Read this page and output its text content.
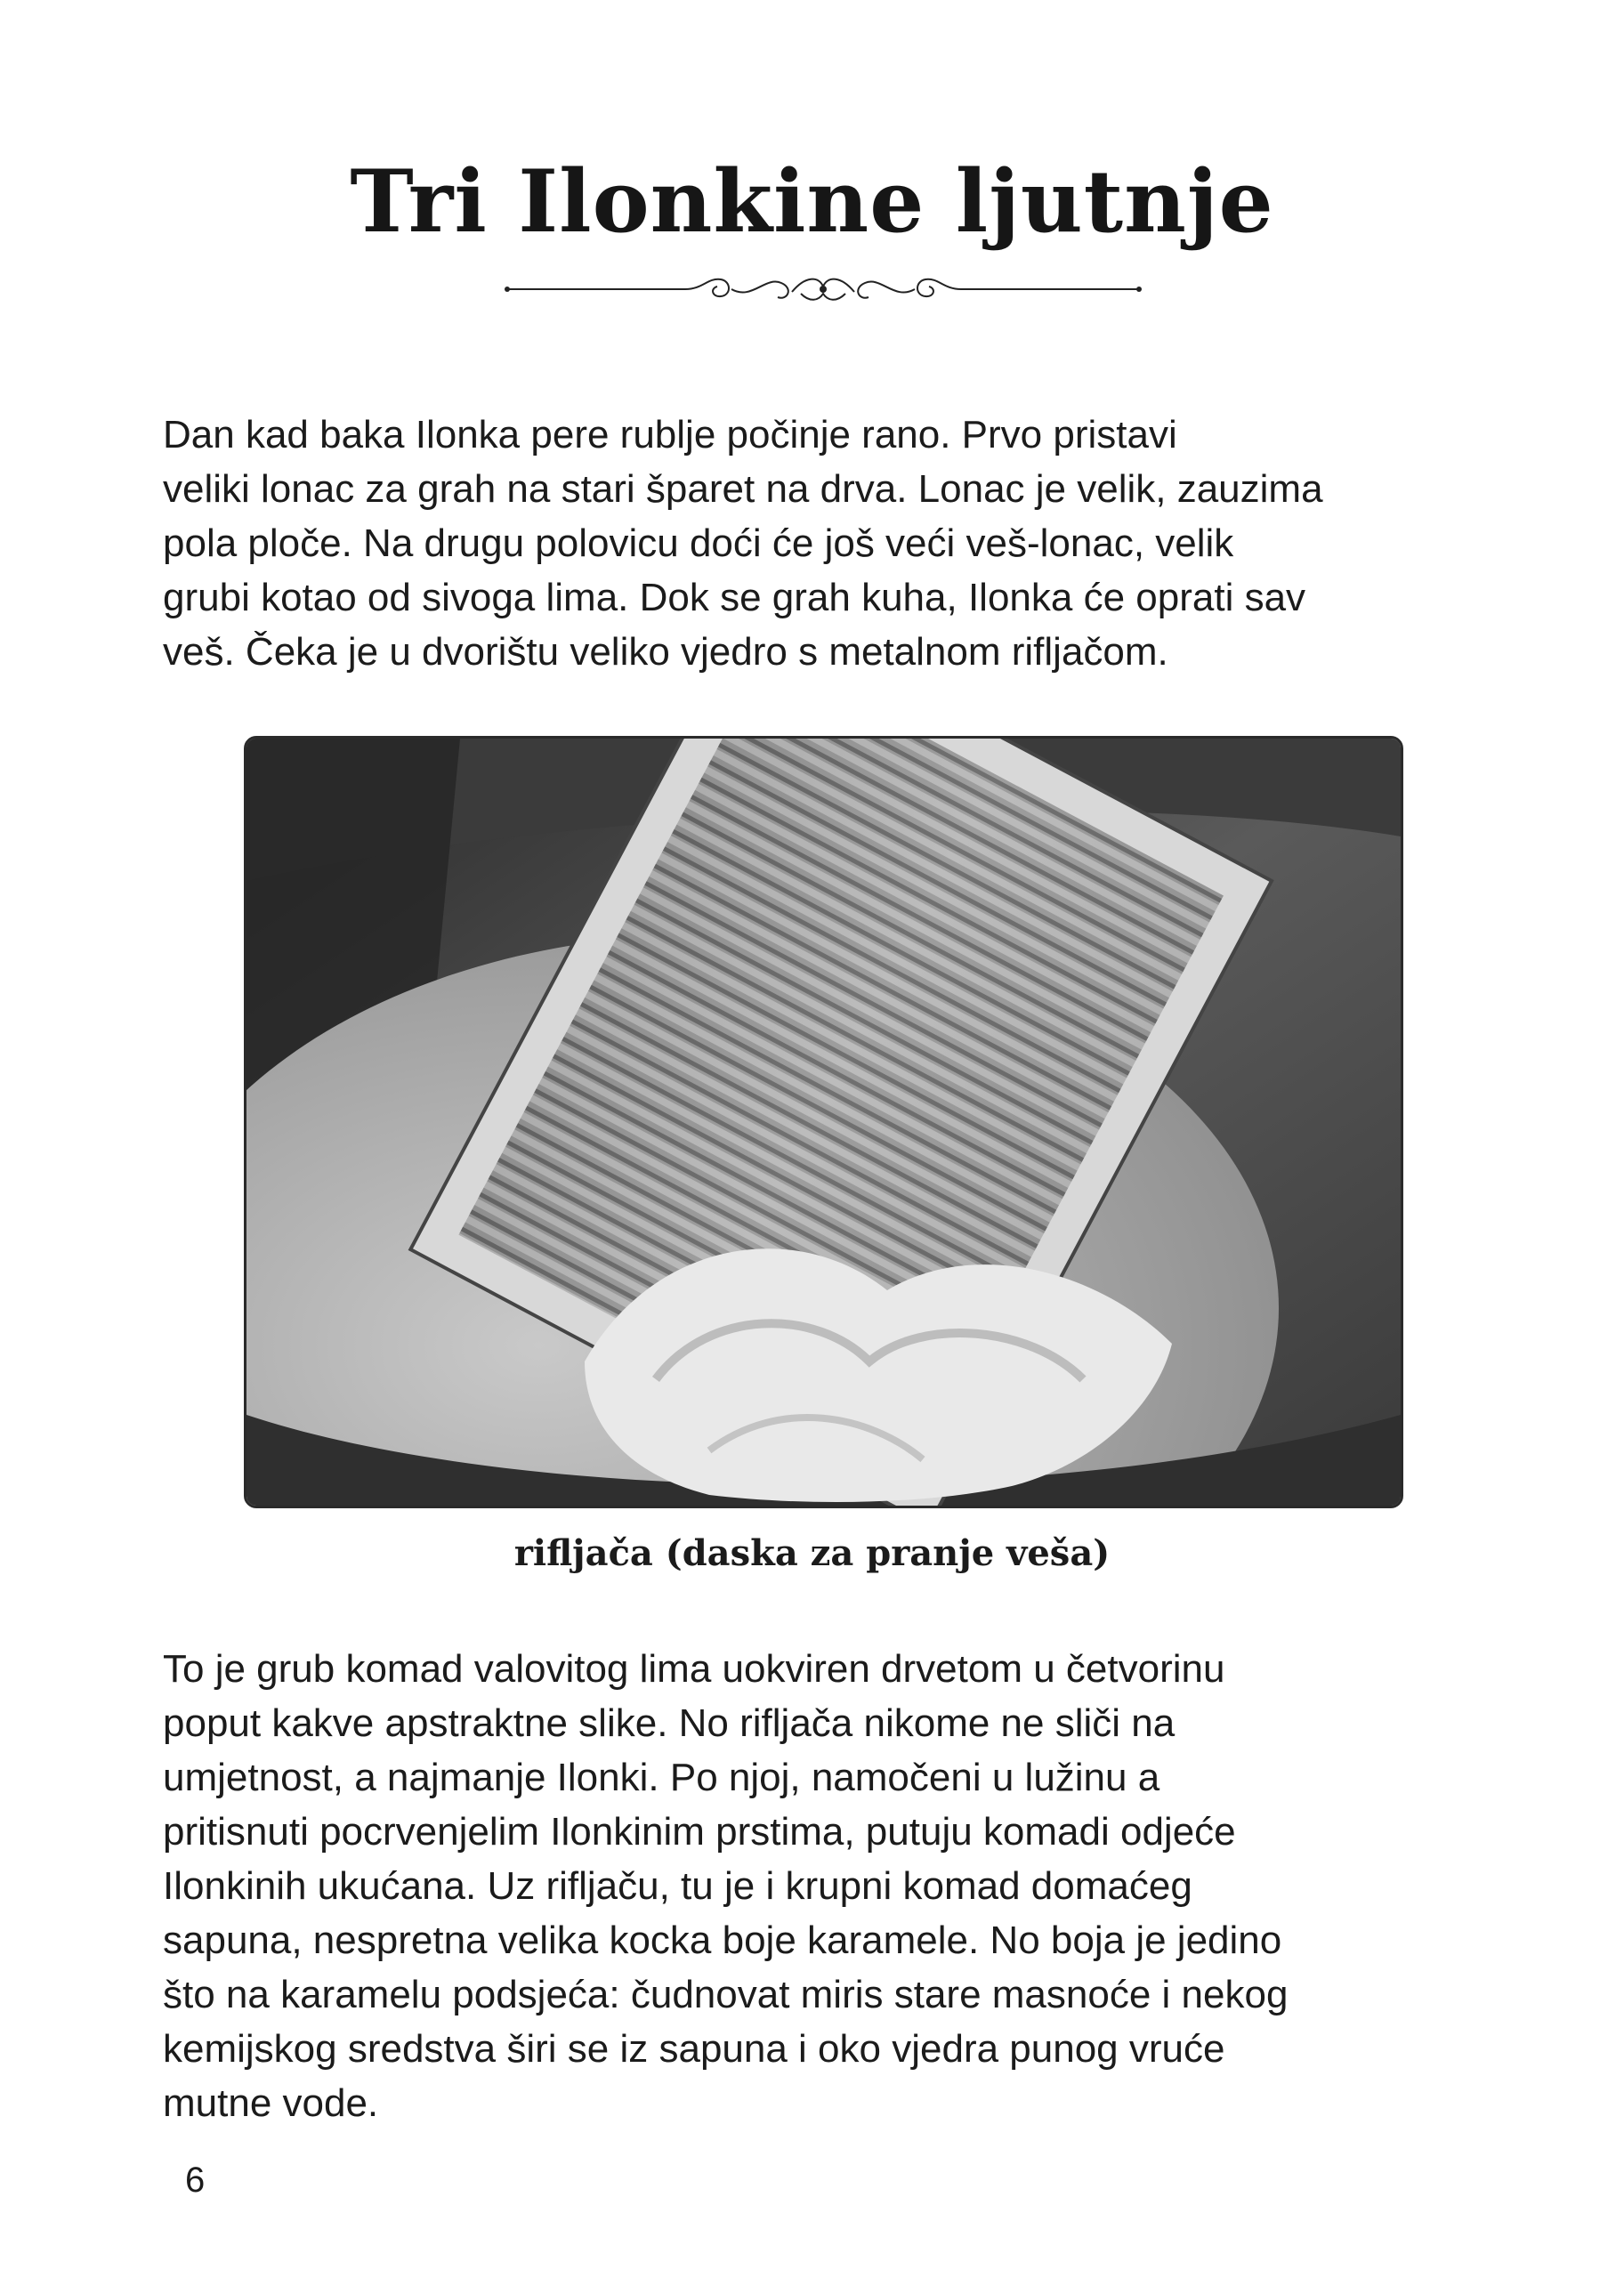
Tri Ilonkine ljutnje

Dan kad baka Ilonka pere rublje počinje rano. Prvo pristavi
veliki lonac za grah na stari šparet na drva. Lonac je velik, zauzima
pola ploče. Na drugu polovicu doći će još veći veš-lonac, velik
grubi kotao od sivoga lima. Dok se grah kuha, Ilonka će oprati sav
veš. Čeka je u dvorištu veliko vjedro s metalnom rifljačom.

rifljača (daska za pranje veša)

To je grub komad valovitog lima uokviren drvetom u četvorinu
poput kakve apstraktne slike. No rifljača nikome ne sliči na
umjetnost, a najmanje Ilonki. Po njoj, namočeni u lužinu a
pritisnuti pocrvenjelim Ilonkinim prstima, putuju komadi odjeće
Ilonkinih ukućana. Uz rifljaču, tu je i krupni komad domaćeg
sapuna, nespretna velika kocka boje karamele. No boja je jedino
što na karamelu podsjeća: čudnovat miris stare masnoće i nekog
kemijskog sredstva širi se iz sapuna i oko vjedra punog vruće
mutne vode.

6
